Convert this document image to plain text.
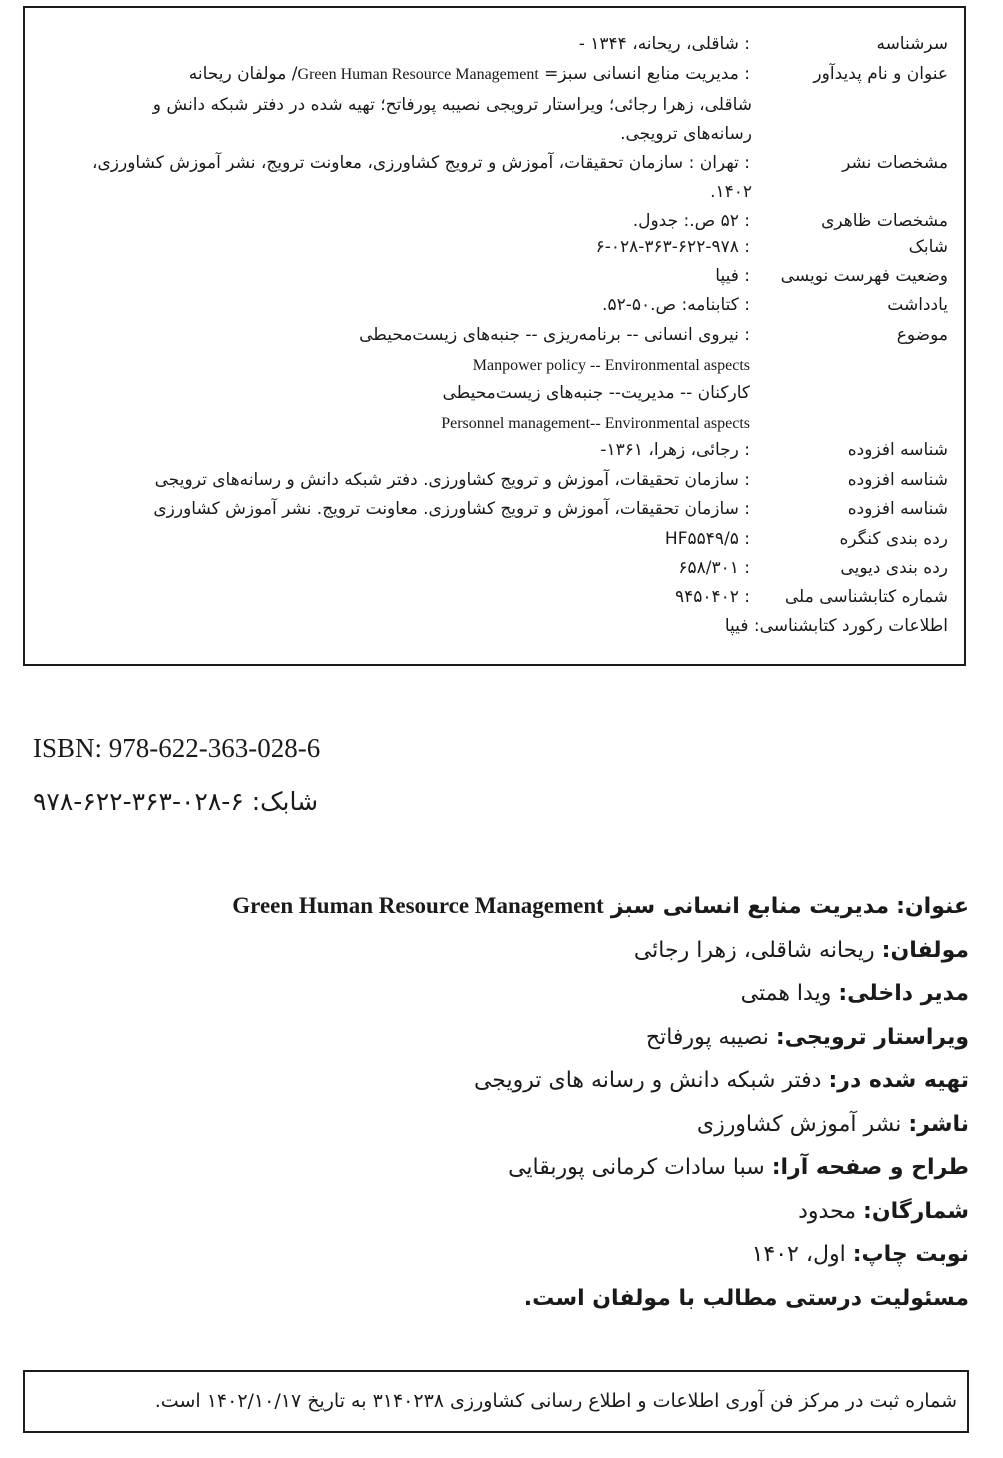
سرشناسه
: شاقلی، ریحانه، ۱۳۴۴ -
عنوان و نام پدیدآور
: مدیریت منابع انسانی سبز= Green Human Resource Management/ مولفان ریحانه
شاقلی، زهرا رجائی؛ ویراستار ترویجی نصیبه پورفاتح؛ تهیه شده در دفتر شبکه دانش و
رسانه‌های ترویجی.
مشخصات نشر
: تهران : سازمان تحقیقات، آموزش و ترویج کشاورزی، معاونت ترویج، نشر آموزش کشاورزی،
۱۴۰۲.
مشخصات ظاهری
: ۵۲ ص.: جدول.
شابک
: ۶-۰۲۸-۳۶۳-۶۲۲-۹۷۸
وضعیت فهرست نویسی
: فیپا
یادداشت
: کتابنامه: ص.۵۰-۵۲.
موضوع
: نیروی انسانی -- برنامه‌ریزی -- جنبه‌های زیست‌محیطی
Manpower policy -- Environmental aspects
کارکنان -- مدیریت-- جنبه‌های زیست‌محیطی
Personnel management-- Environmental aspects
شناسه افزوده
: رجائی، زهرا، ۱۳۶۱-
شناسه افزوده
: سازمان تحقیقات، آموزش و ترویج کشاورزی. دفتر شبکه دانش و رسانه‌های ترویجی
شناسه افزوده
: سازمان تحقیقات، آموزش و ترویج کشاورزی. معاونت ترویج. نشر آموزش کشاورزی
رده بندی کنگره
: HF۵۵۴۹/۵
رده بندی دیویی
: ۶۵۸/۳۰۱
شماره کتابشناسی ملی
: ۹۴۵۰۴۰۲
اطلاعات رکورد کتابشناسی: فیپا
ISBN: 978-622-363-028-6
شابک: ۶-۰۲۸-۳۶۳-۶۲۲-۹۷۸
عنوان: مدیریت منابع انسانی سبز Green Human Resource Management
مولفان: ریحانه شاقلی، زهرا رجائی
مدیر داخلی: ویدا همتی
ویراستار ترویجی: نصیبه پورفاتح
تهیه شده در: دفتر شبکه دانش و رسانه های ترویجی
ناشر: نشر آموزش کشاورزی
طراح و صفحه آرا: سبا سادات کرمانی پوربقایی
شمارگان: محدود
نوبت چاپ: اول، ۱۴۰۲
مسئولیت درستی مطالب با مولفان است.
شماره ثبت در مرکز فن آوری اطلاعات و اطلاع رسانی کشاورزی ۳۱۴۰۲۳۸ به تاریخ ۱۴۰۲/۱۰/۱۷ است.
